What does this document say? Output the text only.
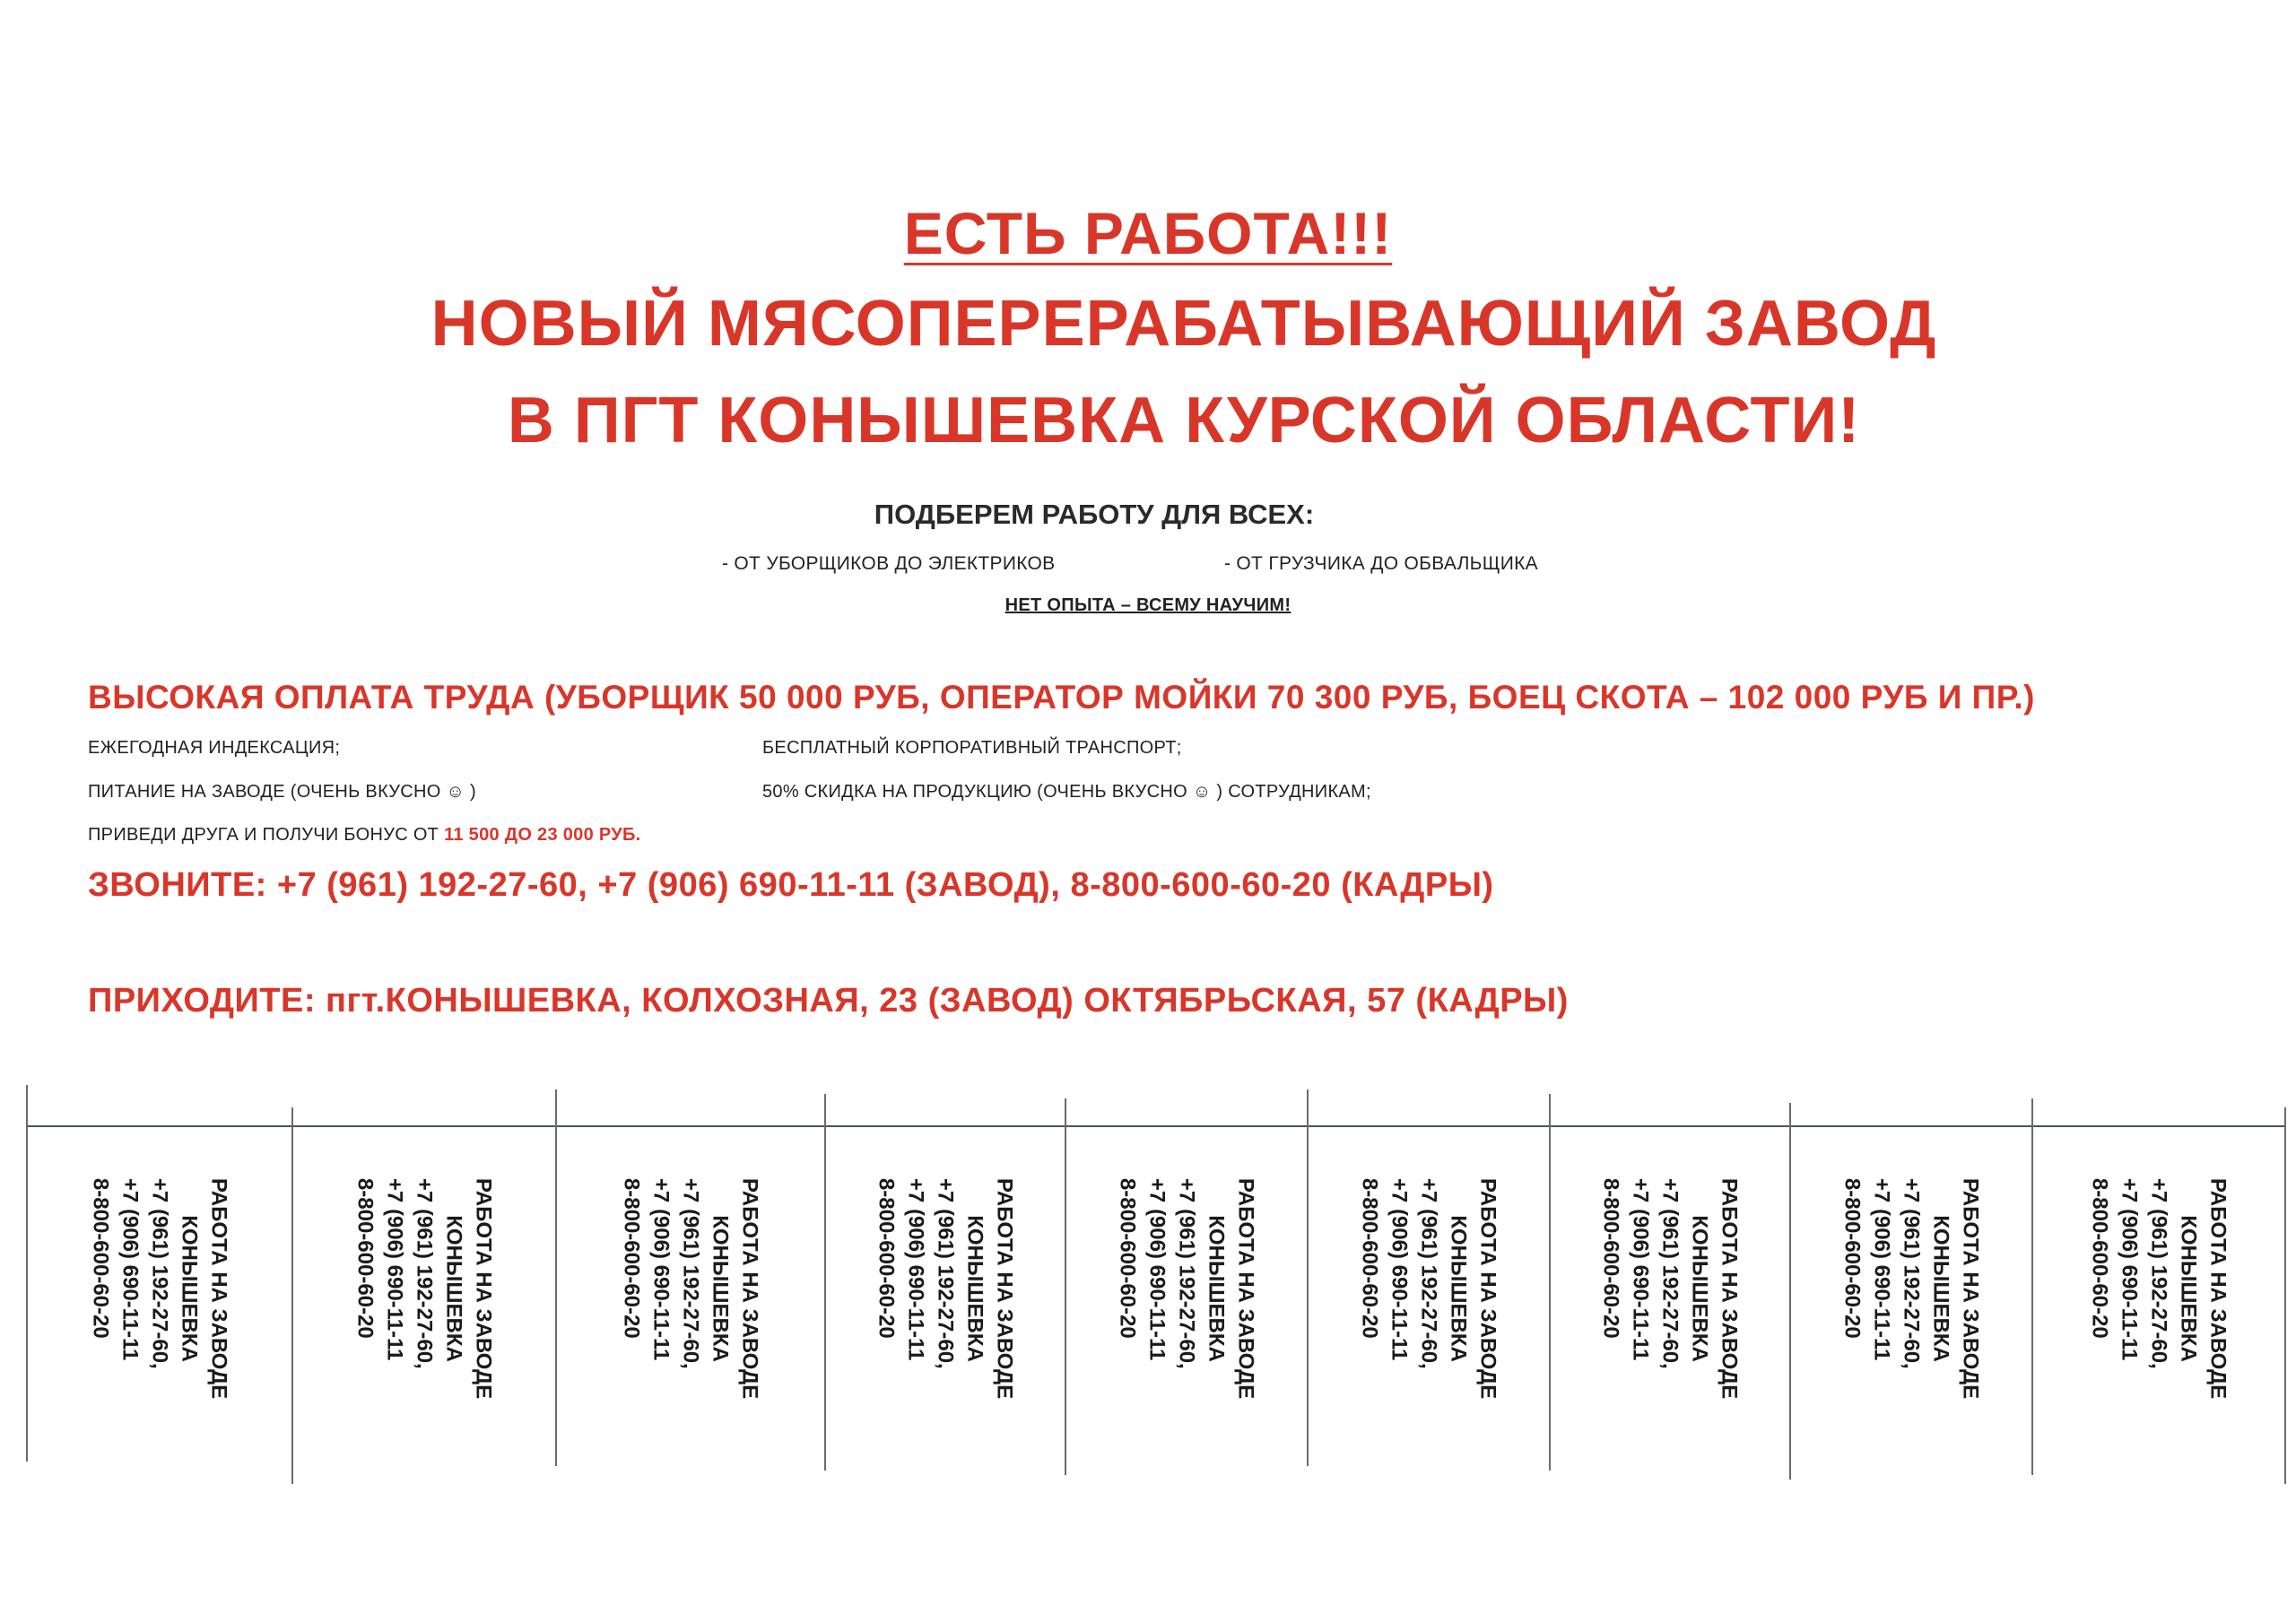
ЕСТЬ РАБОТА!!!
НОВЫЙ МЯСОПЕРЕРАБАТЫВАЮЩИЙ ЗАВОД
В ПГТ КОНЫШЕВКА КУРСКОЙ ОБЛАСТИ!
ПОДБЕРЕМ РАБОТУ ДЛЯ ВСЕХ:
- ОТ УБОРЩИКОВ ДО ЭЛЕКТРИКОВ	- ОТ ГРУЗЧИКА ДО ОБВАЛЬЩИКА
НЕТ ОПЫТА – ВСЕМУ НАУЧИМ!
ВЫСОКАЯ ОПЛАТА ТРУДА (УБОРЩИК 50 000 РУБ, ОПЕРАТОР МОЙКИ 70 300 РУБ, БОЕЦ СКОТА – 102 000 РУБ И ПР.)
ЕЖЕГОДНАЯ ИНДЕКСАЦИЯ;	БЕСПЛАТНЫЙ КОРПОРАТИВНЫЙ ТРАНСПОРТ;
ПИТАНИЕ НА ЗАВОДЕ (ОЧЕНЬ ВКУСНО ☺ )	50% СКИДКА НА ПРОДУКЦИЮ (ОЧЕНЬ ВКУСНО ☺ ) СОТРУДНИКАМ;
ПРИВЕДИ ДРУГА И ПОЛУЧИ БОНУС ОТ 11 500 ДО 23 000 РУБ.
ЗВОНИТЕ: +7 (961) 192-27-60, +7 (906) 690-11-11 (ЗАВОД), 8-800-600-60-20 (КАДРЫ)
ПРИХОДИТЕ: пгт.КОНЫШЕВКА, КОЛХОЗНАЯ, 23 (ЗАВОД) ОКТЯБРЬСКАЯ, 57 (КАДРЫ)
РАБОТА НА ЗАВОДЕ
КОНЫШЕВКА
+7 (961) 192-27-60,
+7 (906) 690-11-11
8-800-600-60-20	РАБОТА НА ЗАВОДЕ
КОНЫШЕВКА
+7 (961) 192-27-60,
+7 (906) 690-11-11
8-800-600-60-20	РАБОТА НА ЗАВОДЕ
КОНЫШЕВКА
+7 (961) 192-27-60,
+7 (906) 690-11-11
8-800-600-60-20	РАБОТА НА ЗАВОДЕ
КОНЫШЕВКА
+7 (961) 192-27-60,
+7 (906) 690-11-11
8-800-600-60-20	РАБОТА НА ЗАВОДЕ
КОНЫШЕВКА
+7 (961) 192-27-60,
+7 (906) 690-11-11
8-800-600-60-20	РАБОТА НА ЗАВОДЕ
КОНЫШЕВКА
+7 (961) 192-27-60,
+7 (906) 690-11-11
8-800-600-60-20	РАБОТА НА ЗАВОДЕ
КОНЫШЕВКА
+7 (961) 192-27-60,
+7 (906) 690-11-11
8-800-600-60-20	РАБОТА НА ЗАВОДЕ
КОНЫШЕВКА
+7 (961) 192-27-60,
+7 (906) 690-11-11
8-800-600-60-20	РАБОТА НА ЗАВОДЕ
КОНЫШЕВКА
+7 (961) 192-27-60,
+7 (906) 690-11-11
8-800-600-60-20
